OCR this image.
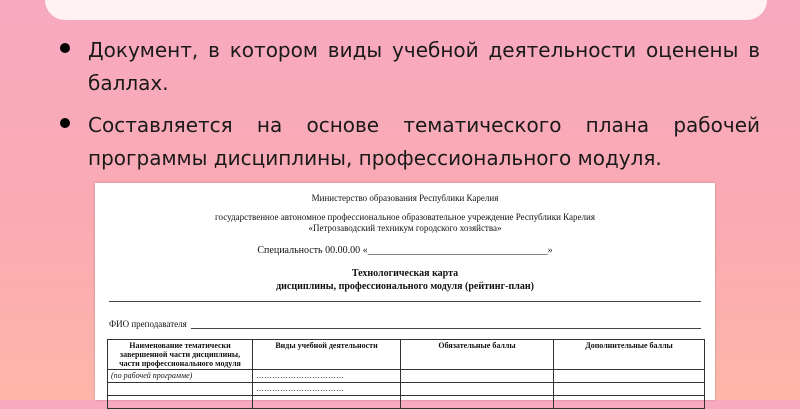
Документ, в котором виды учебной деятельности оценены в баллах.
Составляется на основе тематического плана рабочей программы дисциплины, профессионального модуля.
Министерство образования Республики Карелия
государственное автономное профессиональное образовательное учреждение Республики Карелия
«Петрозаводский техникум городского хозяйства»
Специальность 00.00.00 «____________________________________»
Технологическая карта
дисциплины, профессионального модуля (рейтинг-план)
ФИО преподавателя
Наименование тематически завершенной части дисциплины, части профессионального модуля	Виды учебной деятельности	Обязательные баллы	Дополнительные баллы
(по рабочей программе)	……………………………		
	……………………………		
